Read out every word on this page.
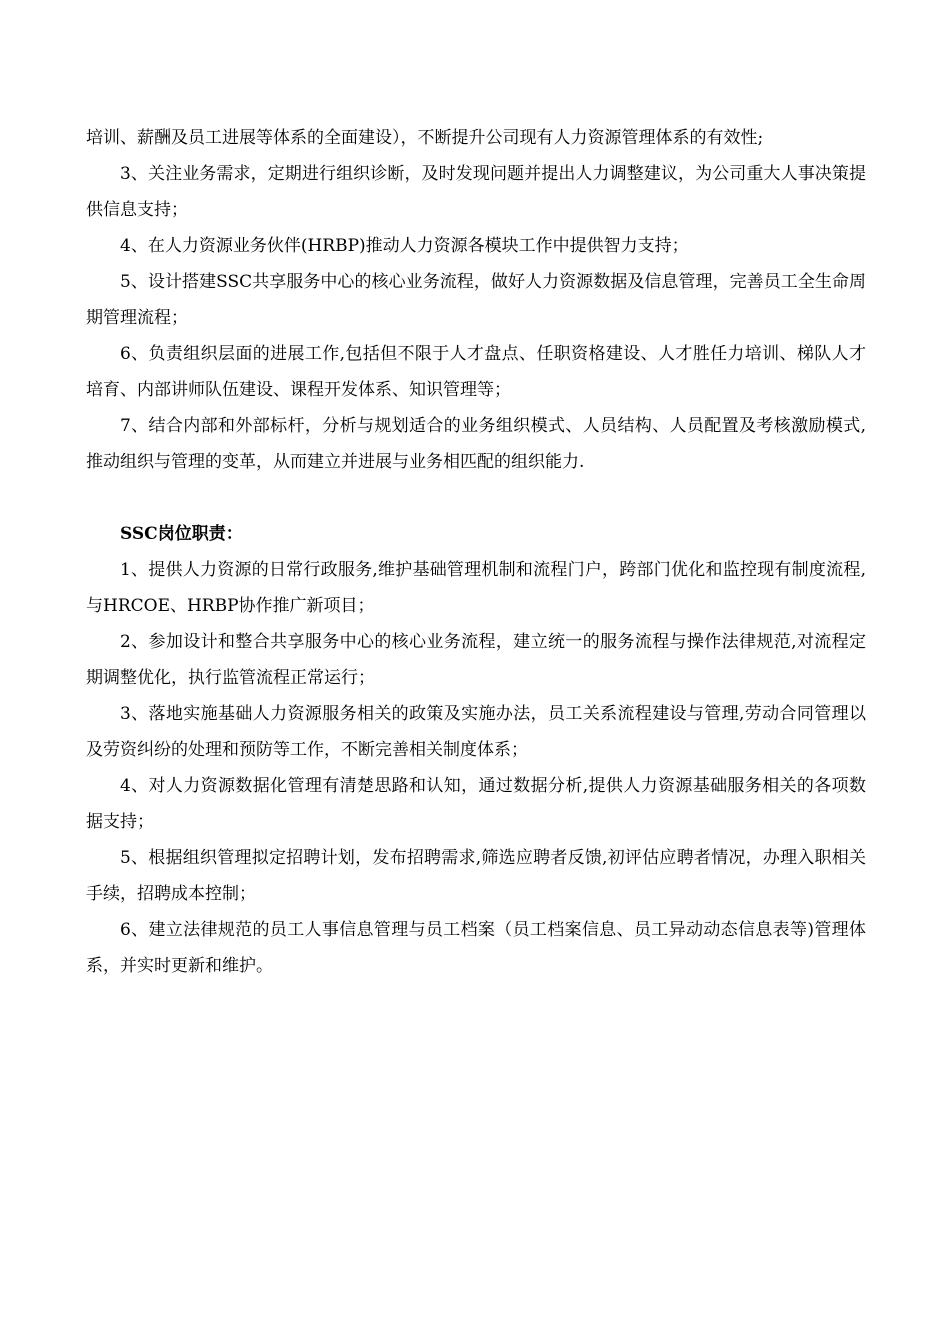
培训、薪酬及员工进展等体系的全面建设），不断提升公司现有人力资源管理体系的有效性;

3、关注业务需求，定期进行组织诊断，及时发现问题并提出人力调整建议，为公司重大人事决策提供信息支持；

4、在人力资源业务伙伴(HRBP)推动人力资源各模块工作中提供智力支持；

5、设计搭建SSC共享服务中心的核心业务流程，做好人力资源数据及信息管理，完善员工全生命周期管理流程；

6、负责组织层面的进展工作,包括但不限于人才盘点、任职资格建设、人才胜任力培训、梯队人才培育、内部讲师队伍建设、课程开发体系、知识管理等；

7、结合内部和外部标杆，分析与规划适合的业务组织模式、人员结构、人员配置及考核激励模式,推动组织与管理的变革，从而建立并进展与业务相匹配的组织能力.

SSC岗位职责：

1、提供人力资源的日常行政服务,维护基础管理机制和流程门户，跨部门优化和监控现有制度流程,与HRCOE、HRBP协作推广新项目；

2、参加设计和整合共享服务中心的核心业务流程，建立统一的服务流程与操作法律规范,对流程定期调整优化，执行监管流程正常运行；

3、落地实施基础人力资源服务相关的政策及实施办法，员工关系流程建设与管理,劳动合同管理以及劳资纠纷的处理和预防等工作，不断完善相关制度体系；

4、对人力资源数据化管理有清楚思路和认知，通过数据分析,提供人力资源基础服务相关的各项数据支持；

5、根据组织管理拟定招聘计划，发布招聘需求,筛选应聘者反馈,初评估应聘者情况，办理入职相关手续，招聘成本控制；

6、建立法律规范的员工人事信息管理与员工档案（员工档案信息、员工异动动态信息表等)管理体系，并实时更新和维护。
